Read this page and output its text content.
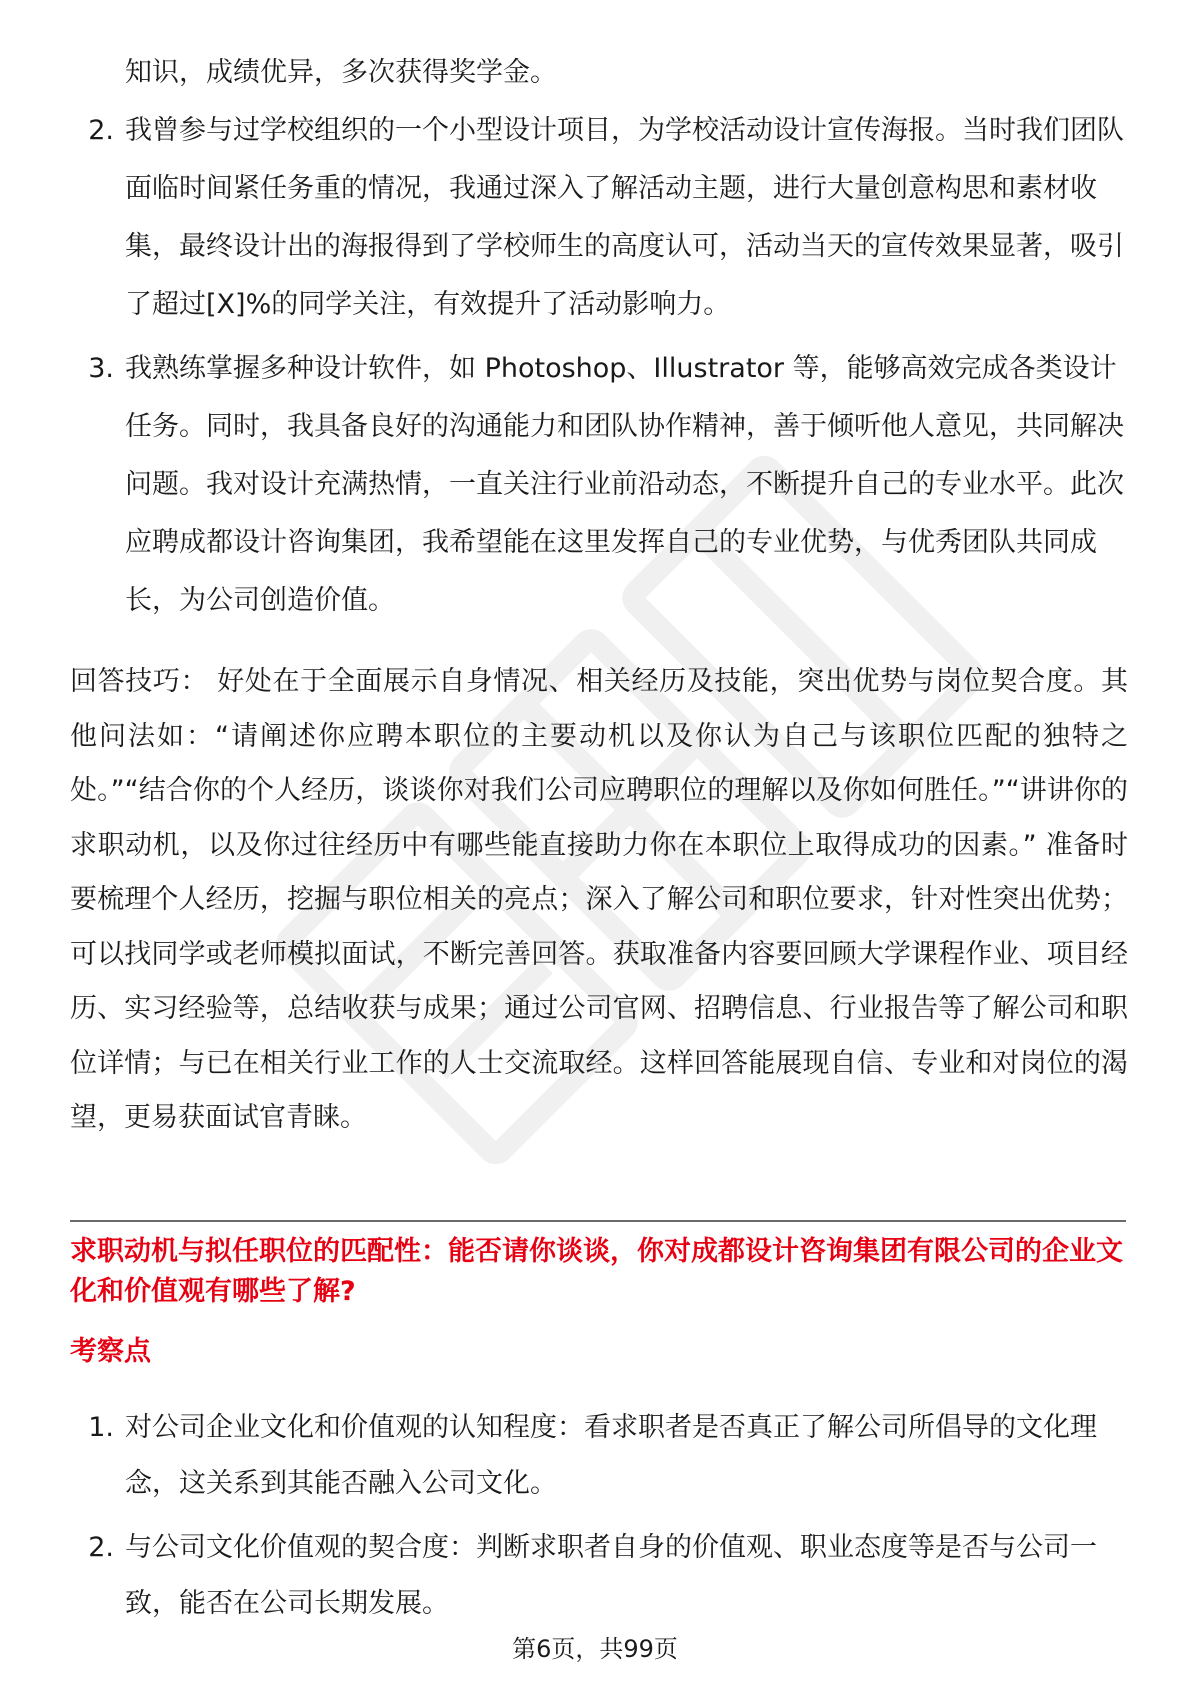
知识，成绩优异，多次获得奖学金。
2. 我曾参与过学校组织的一个小型设计项目，为学校活动设计宣传海报。当时我们团队面临时间紧任务重的情况，我通过深入了解活动主题，进行大量创意构思和素材收集，最终设计出的海报得到了学校师生的高度认可，活动当天的宣传效果显著，吸引了超过[X]%的同学关注，有效提升了活动影响力。
3. 我熟练掌握多种设计软件，如 Photoshop、Illustrator 等，能够高效完成各类设计任务。同时，我具备良好的沟通能力和团队协作精神，善于倾听他人意见，共同解决问题。我对设计充满热情，一直关注行业前沿动态，不断提升自己的专业水平。此次应聘成都设计咨询集团，我希望能在这里发挥自己的专业优势，与优秀团队共同成长，为公司创造价值。
回答技巧： 好处在于全面展示自身情况、相关经历及技能，突出优势与岗位契合度。其他问法如：“请阐述你应聘本职位的主要动机以及你认为自己与该职位匹配的独特之处。”“结合你的个人经历，谈谈你对我们公司应聘职位的理解以及你如何胜任。”“讲讲你的求职动机，以及你过往经历中有哪些能直接助力你在本职位上取得成功的因素。” 准备时要梳理个人经历，挖掘与职位相关的亮点；深入了解公司和职位要求，针对性突出优势；可以找同学或老师模拟面试，不断完善回答。获取准备内容要回顾大学课程作业、项目经历、实习经验等，总结收获与成果；通过公司官网、招聘信息、行业报告等了解公司和职位详情；与已在相关行业工作的人士交流取经。这样回答能展现自信、专业和对岗位的渴望，更易获面试官青睐。
求职动机与拟任职位的匹配性：能否请你谈谈，你对成都设计咨询集团有限公司的企业文化和价值观有哪些了解?
考察点
1. 对公司企业文化和价值观的认知程度：看求职者是否真正了解公司所倡导的文化理念，这关系到其能否融入公司文化。
2. 与公司文化价值观的契合度：判断求职者自身的价值观、职业态度等是否与公司一致，能否在公司长期发展。
第6页，共99页
